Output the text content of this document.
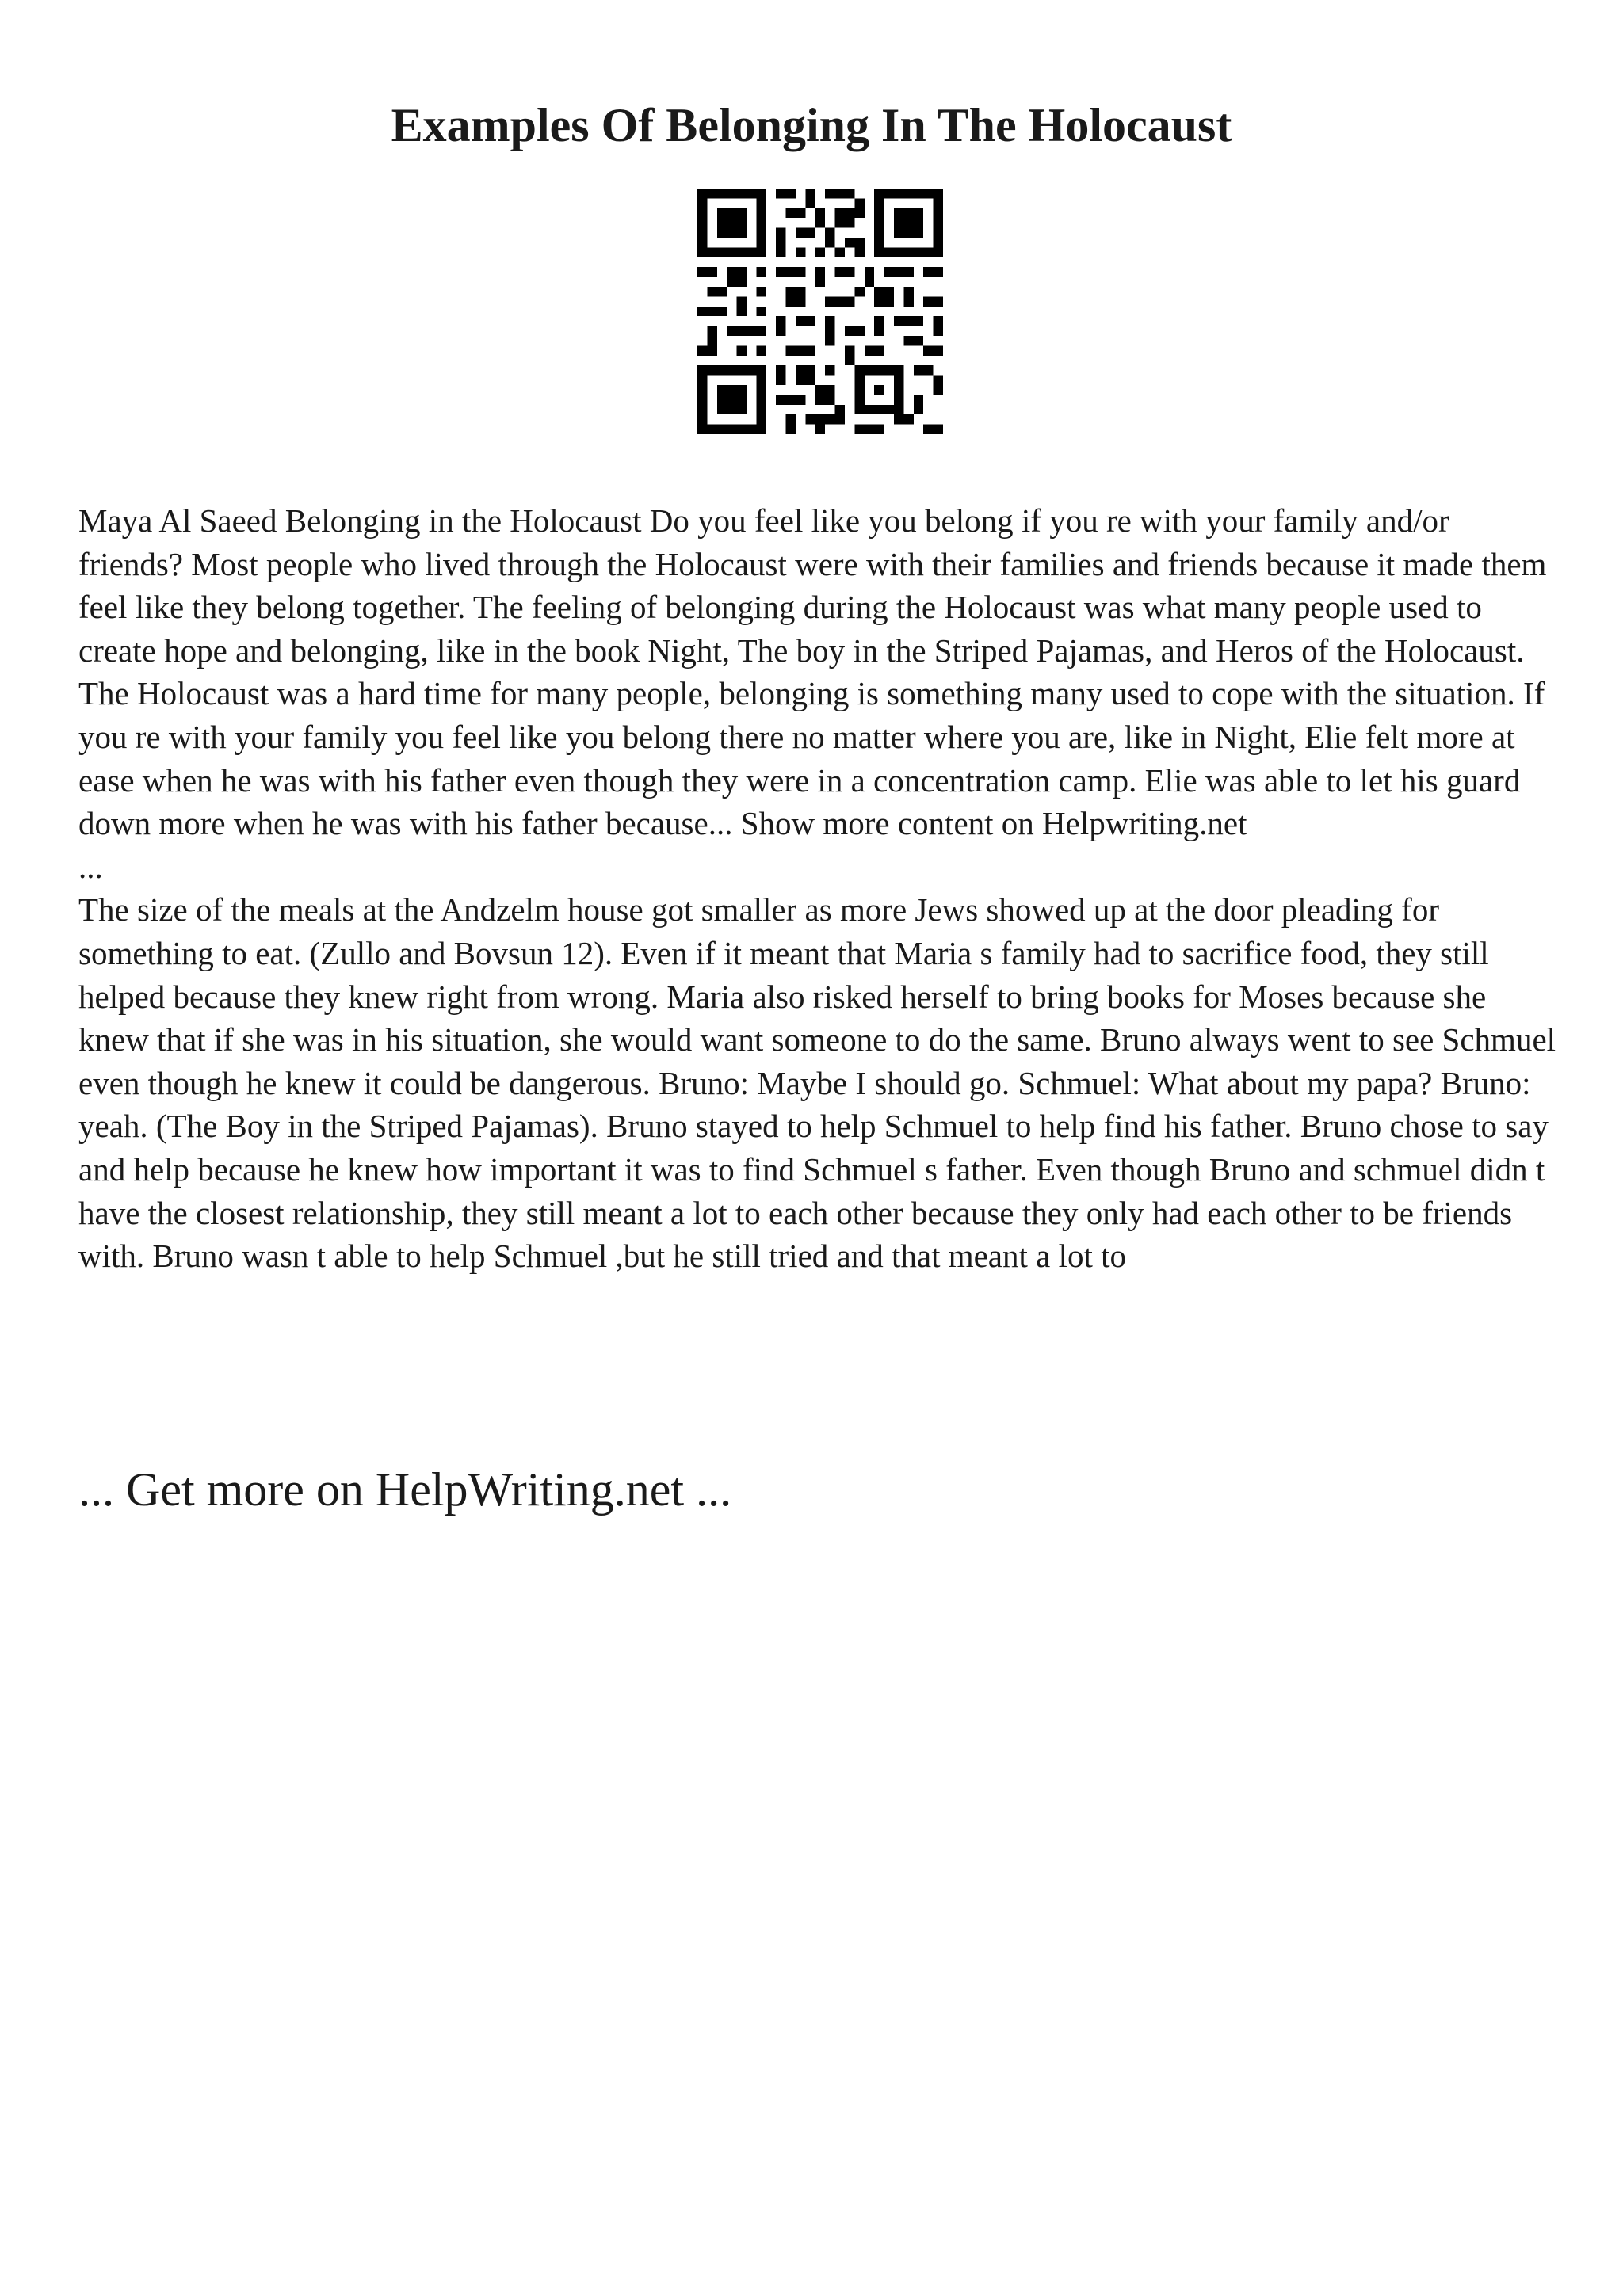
Examples Of Belonging In The Holocaust

Maya Al Saeed Belonging in the Holocaust Do you feel like you belong if you re with your family and/or friends? Most people who lived through the Holocaust were with their families and friends because it made them feel like they belong together. The feeling of belonging during the Holocaust was what many people used to create hope and belonging, like in the book Night, The boy in the Striped Pajamas, and Heros of the Holocaust. The Holocaust was a hard time for many people, belonging is something many used to cope with the situation. If you re with your family you feel like you belong there no matter where you are, like in Night, Elie felt more at ease when he was with his father even though they were in a concentration camp. Elie was able to let his guard down more when he was with his father because... Show more content on Helpwriting.net

...

The size of the meals at the Andzelm house got smaller as more Jews showed up at the door pleading for something to eat. (Zullo and Bovsun 12). Even if it meant that Maria s family had to sacrifice food, they still helped because they knew right from wrong. Maria also risked herself to bring books for Moses because she knew that if she was in his situation, she would want someone to do the same. Bruno always went to see Schmuel even though he knew it could be dangerous. Bruno: Maybe I should go. Schmuel: What about my papa? Bruno: yeah. (The Boy in the Striped Pajamas). Bruno stayed to help Schmuel to help find his father. Bruno chose to say and help because he knew how important it was to find Schmuel s father. Even though Bruno and schmuel didn t have the closest relationship, they still meant a lot to each other because they only had each other to be friends with. Bruno wasn t able to help Schmuel ,but he still tried and that meant a lot to

... Get more on HelpWriting.net ...
